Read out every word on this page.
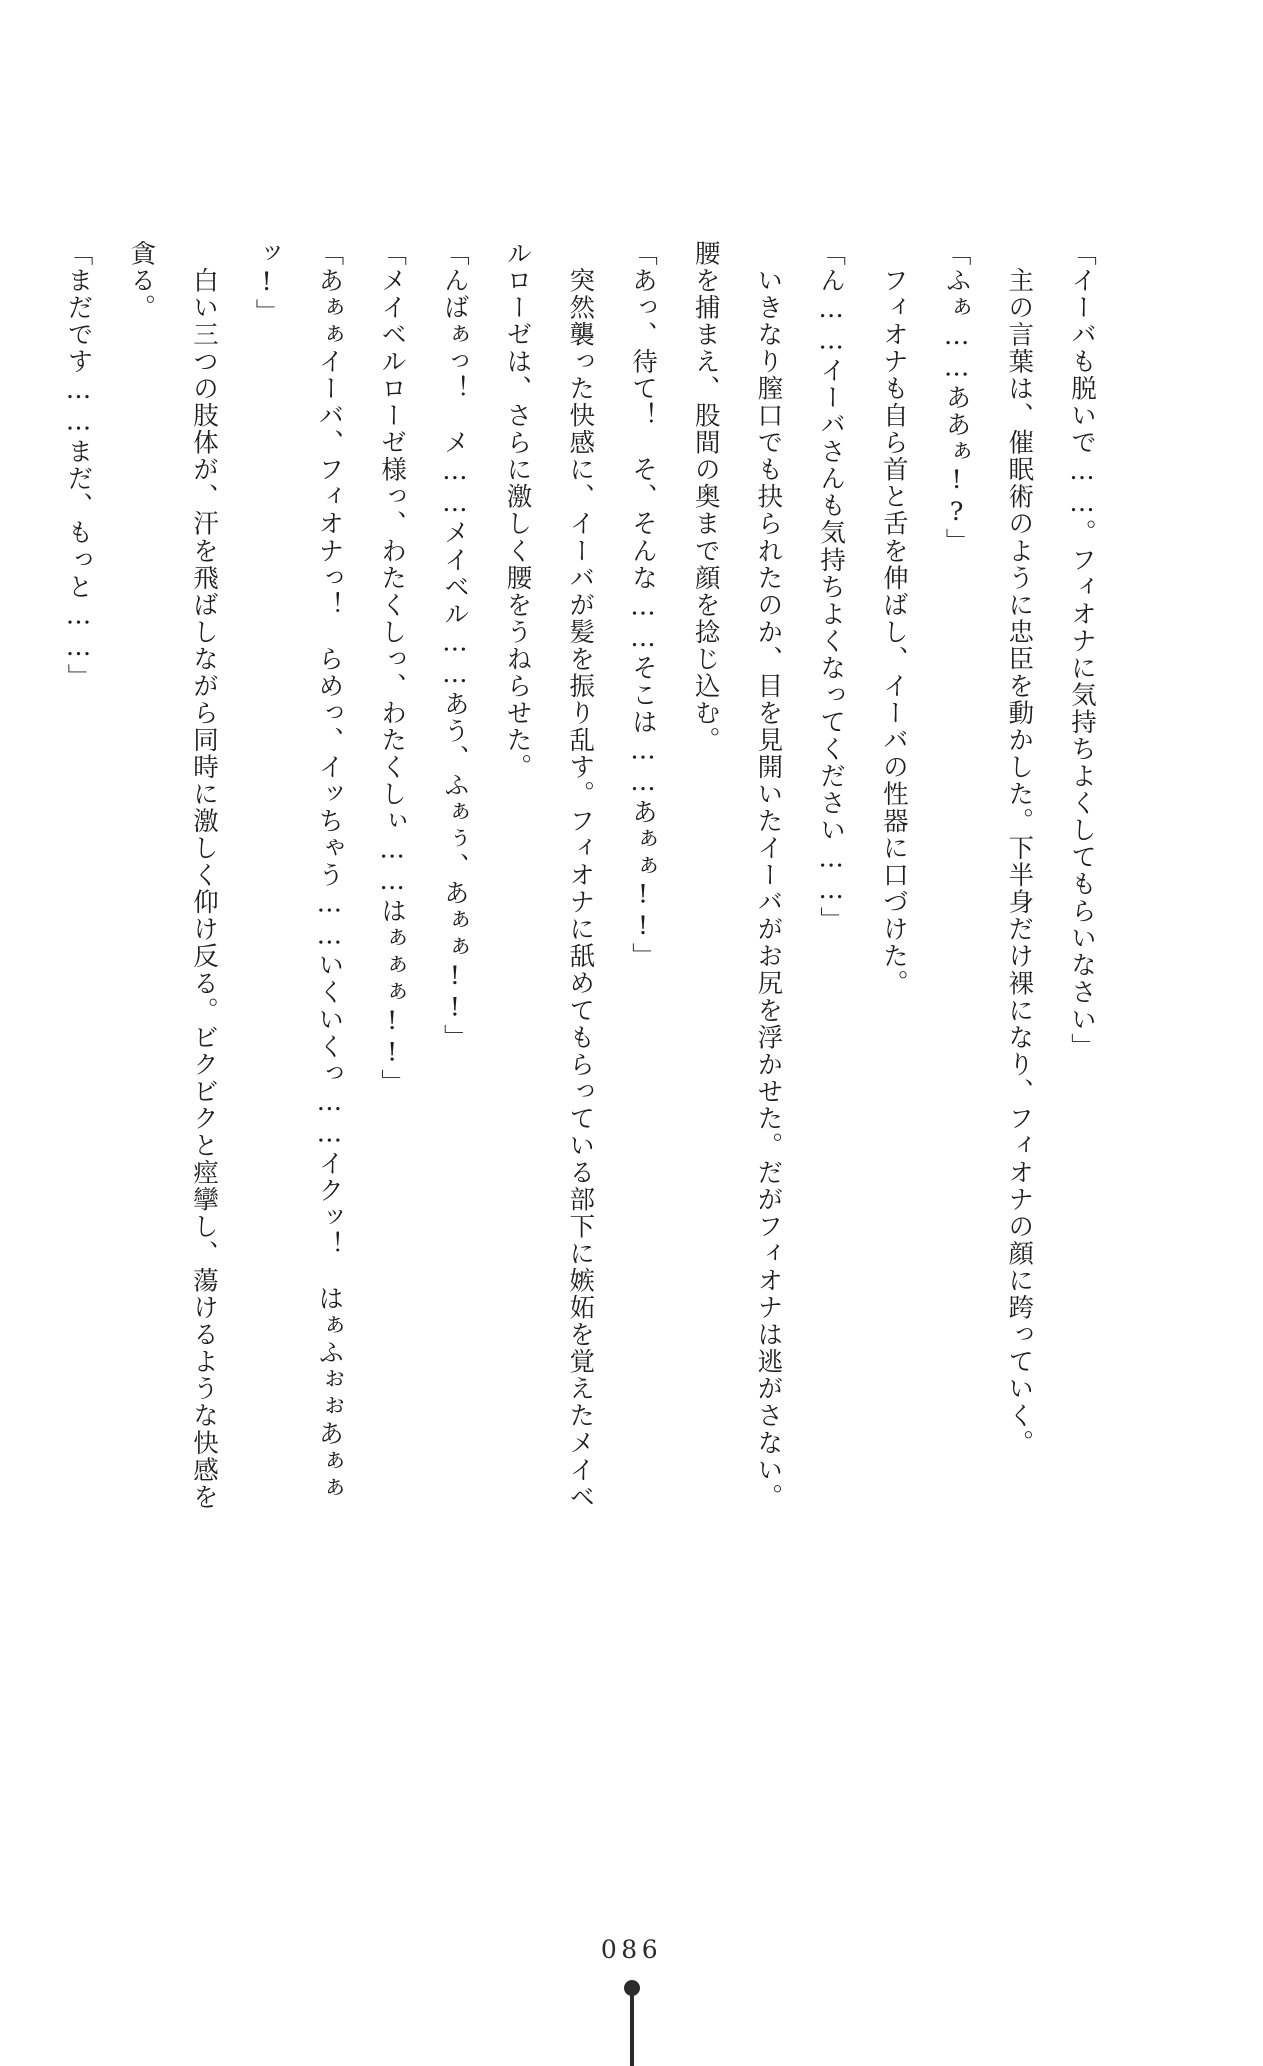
「イーバも脱いで……。フィオナに気持ちよくしてもらいなさい」

　主の言葉は、催眠術のように忠臣を動かした。下半身だけ裸になり、フィオナの顔に跨っていく。

「ふぁ……ああぁ!?」

　フィオナも自ら首と舌を伸ばし、イーバの性器に口づけた。

「ん……イーバさんも気持ちよくなってください……」

　いきなり膣口でも抉られたのか、目を見開いたイーバがお尻を浮かせた。だがフィオナは逃がさない。　腰を捕まえ、股間の奥まで顔を捻じ込む。

「あっ、待て！　そ、そんな……そこは……あぁぁ!!」

　突然襲った快感に、イーバが髪を振り乱す。フィオナに舐めてもらっている部下に嫉妬を覚えたメイベルローゼは、さらに激しく腰をうねらせた。

「んばぁっ！　メ……メイベル……あう、ふぁぅ、あぁぁ!!」

「メイベルローゼ様っ、わたくしっ、わたくしぃ……はぁぁぁ!!」

「あぁぁイーバ、フィオナっ！　らめっ、イッちゃう……いくいくっ……イクッ！　はぁふぉぉあぁぁッ!」

　白い三つの肢体が、汗を飛ばしながら同時に激しく仰け反る。ビクビクと痙攣し、蕩けるような快感を貪る。

「まだです……まだ、もっと……」

086
